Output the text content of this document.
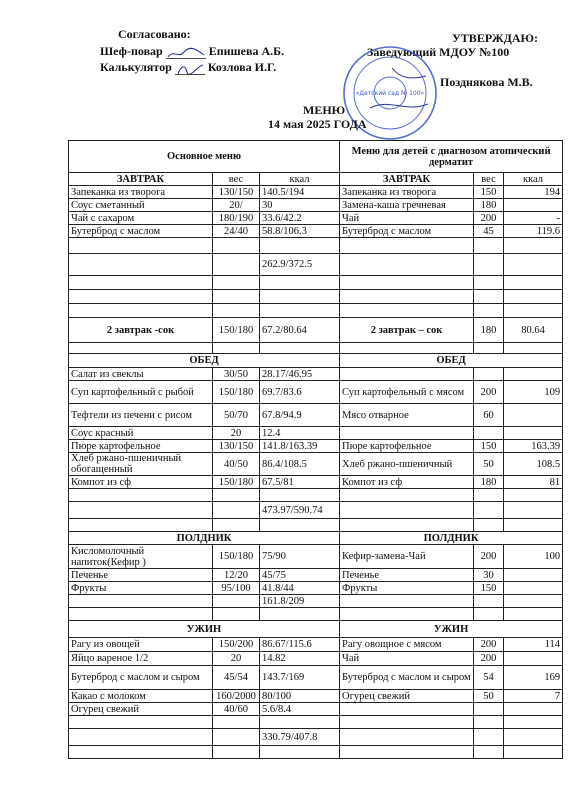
Согласовано:
Шеф-повар	Епишева А.Б.
Калькулятор	Козлова И.Г.
УТВЕРЖДАЮ:
Заведующий МДОУ №100
Позднякова М.В.
«Детский сад № 100»
МЕНЮ
14 мая 2025 ГОДА
Основное меню			Меню для детей с диагнозом атопический дерматит		
ЗАВТРАК	вес	ккал	ЗАВТРАК	вес	ккал
Запеканка из творога	130/150	140.5/194	Запеканка из творога	150	194
Соус сметанный	20/	30	Замена-каша гречневая	180	
Чай с сахаром	180/190	33.6/42.2	Чай	200	-
Бутерброд с маслом	24/40	58.8/106.3	Бутерброд с маслом	45	119.6

		262.9/372.5			

2 завтрак -сок	150/180	67.2/80.64	2 завтрак – сок	180	80.64

ОБЕД			ОБЕД		
Салат из свеклы	30/50	28.17/46.95			
Суп картофельный с рыбой	150/180	69.7/83.6	Суп картофельный с мясом	200	109
Тефтели из печени с рисом	50/70	67.8/94.9	Мясо отварное	60	
Соус красный	20	12.4			
Пюре картофельное	130/150	141.8/163.39	Пюре картофельное	150	163.39
Хлеб ржано-пшеничный обогащенный	40/50	86.4/108.5	Хлеб ржано-пшеничный	50	108.5
Компот из сф	150/180	67.5/81	Компот из сф	180	81

		473.97/590.74			

ПОЛДНИК			ПОЛДНИК		
Кисломолочный напиток(Кефир )	150/180	75/90	Кефир-замена-Чай	200	100
Печенье	12/20	45/75	Печенье	30	
Фрукты	95/100	41.8/44	Фрукты	150	
		161.8/209			

УЖИН			УЖИН		
Рагу из овощей	150/200	86.67/115.6	Рагу овощное с мясом	200	114
Яйцо вареное 1/2	20	14.82	Чай	200	
Бутерброд с маслом и сыром	45/54	143.7/169	Бутерброд с маслом и сыром	54	169
Какао с молоком	160/2000	80/100	Огурец свежий	50	7
Огурец свежий	40/60	5.6/8.4			

		330.79/407.8			
